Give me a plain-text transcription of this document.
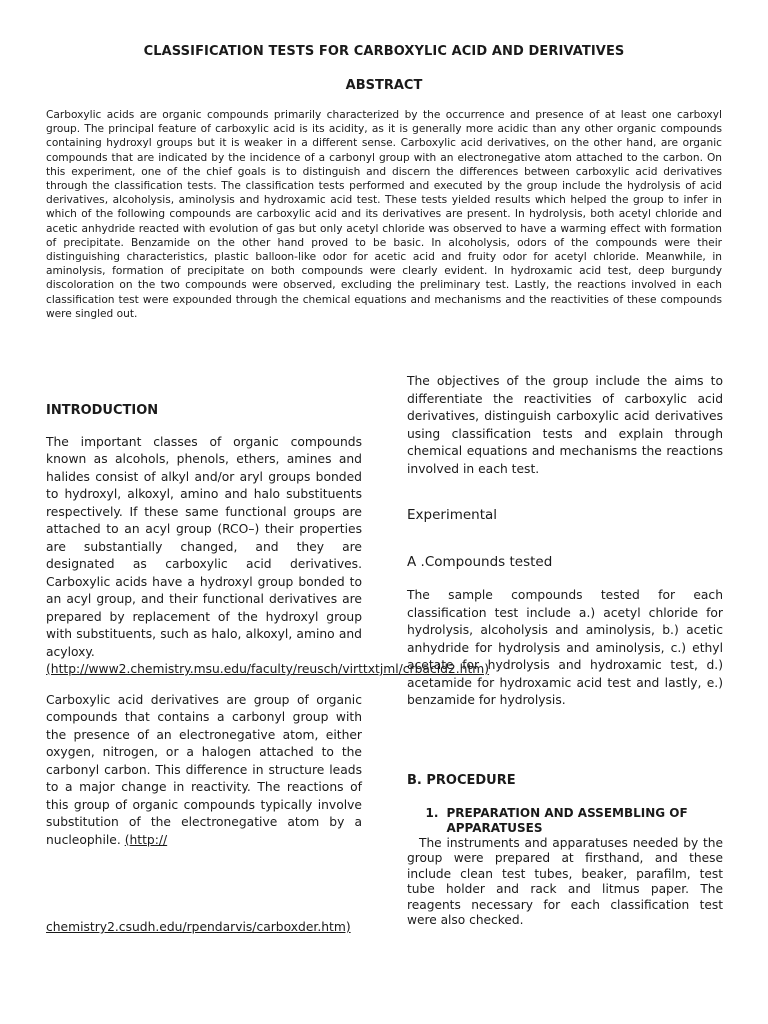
CLASSIFICATION TESTS FOR CARBOXYLIC ACID AND DERIVATIVES
ABSTRACT

Carboxylic acids are organic compounds primarily characterized by the occurrence and presence of at least one carboxyl group. The principal feature of carboxylic acid is its acidity, as it is generally more acidic than any other organic compounds containing hydroxyl groups but it is weaker in a different sense. Carboxylic acid derivatives, on the other hand, are organic compounds that are indicated by the incidence of a carbonyl group with an electronegative atom attached to the carbon. On this experiment, one of the chief goals is to distinguish and discern the differences between carboxylic acid derivatives through the classification tests. The classification tests performed and executed by the group include the hydrolysis of acid derivatives, alcoholysis, aminolysis and hydroxamic acid test. These tests yielded results which helped the group to infer in which of the following compounds are carboxylic acid and its derivatives are present. In hydrolysis, both acetyl chloride and acetic anhydride reacted with evolution of gas but only acetyl chloride was observed to have a warming effect with formation of precipitate. Benzamide on the other hand proved to be basic. In alcoholysis, odors of the compounds were their distinguishing characteristics, plastic balloon-like odor for acetic acid and fruity odor for acetyl chloride. Meanwhile, in aminolysis, formation of precipitate on both compounds were clearly evident. In hydroxamic acid test, deep burgundy discoloration on the two compounds were observed, excluding the preliminary test. Lastly, the reactions involved in each classification test were expounded through the chemical equations and mechanisms and the reactivities of these compounds were singled out.

INTRODUCTION

The important classes of organic compounds known as alcohols, phenols, ethers, amines and halides consist of alkyl and/or aryl groups bonded to hydroxyl, alkoxyl, amino and halo substituents respectively. If these same functional groups are attached to an acyl group (RCO–) their properties are substantially changed, and they are designated as carboxylic acid derivatives. Carboxylic acids have a hydroxyl group bonded to an acyl group, and their functional derivatives are prepared by replacement of the hydroxyl group with substituents, such as halo, alkoxyl, amino and acyloxy. (http://www2.chemistry.msu.edu/faculty/reusch/virttxtjml/crbacid2.htm)

Carboxylic acid derivatives are group of organic compounds that contains a carbonyl group with the presence of an electronegative atom, either oxygen, nitrogen, or a halogen attached to the carbonyl carbon. This difference in structure leads to a major change in reactivity. The reactions of this group of organic compounds typically involve substitution of the electronegative atom by a nucleophile. (http://

chemistry2.csudh.edu/rpendarvis/carboxder.htm)

The objectives of the group include the aims to differentiate the reactivities of carboxylic acid derivatives, distinguish carboxylic acid derivatives using classification tests and explain through chemical equations and mechanisms the reactions involved in each test.

Experimental
A .Compounds tested

The sample compounds tested for each classification test include a.) acetyl chloride for hydrolysis, alcoholysis and aminolysis, b.) acetic anhydride for hydrolysis and aminolysis, c.) ethyl acetate for hydrolysis and hydroxamic test, d.) acetamide for hydroxamic acid test and lastly, e.) benzamide for hydrolysis.

B. PROCEDURE
1. PREPARATION AND ASSEMBLING OF APPARATUSES

The instruments and apparatuses needed by the group were prepared at firsthand, and these include clean test tubes, beaker, parafilm, test tube holder and rack and litmus paper. The reagents necessary for each classification test were also checked.
